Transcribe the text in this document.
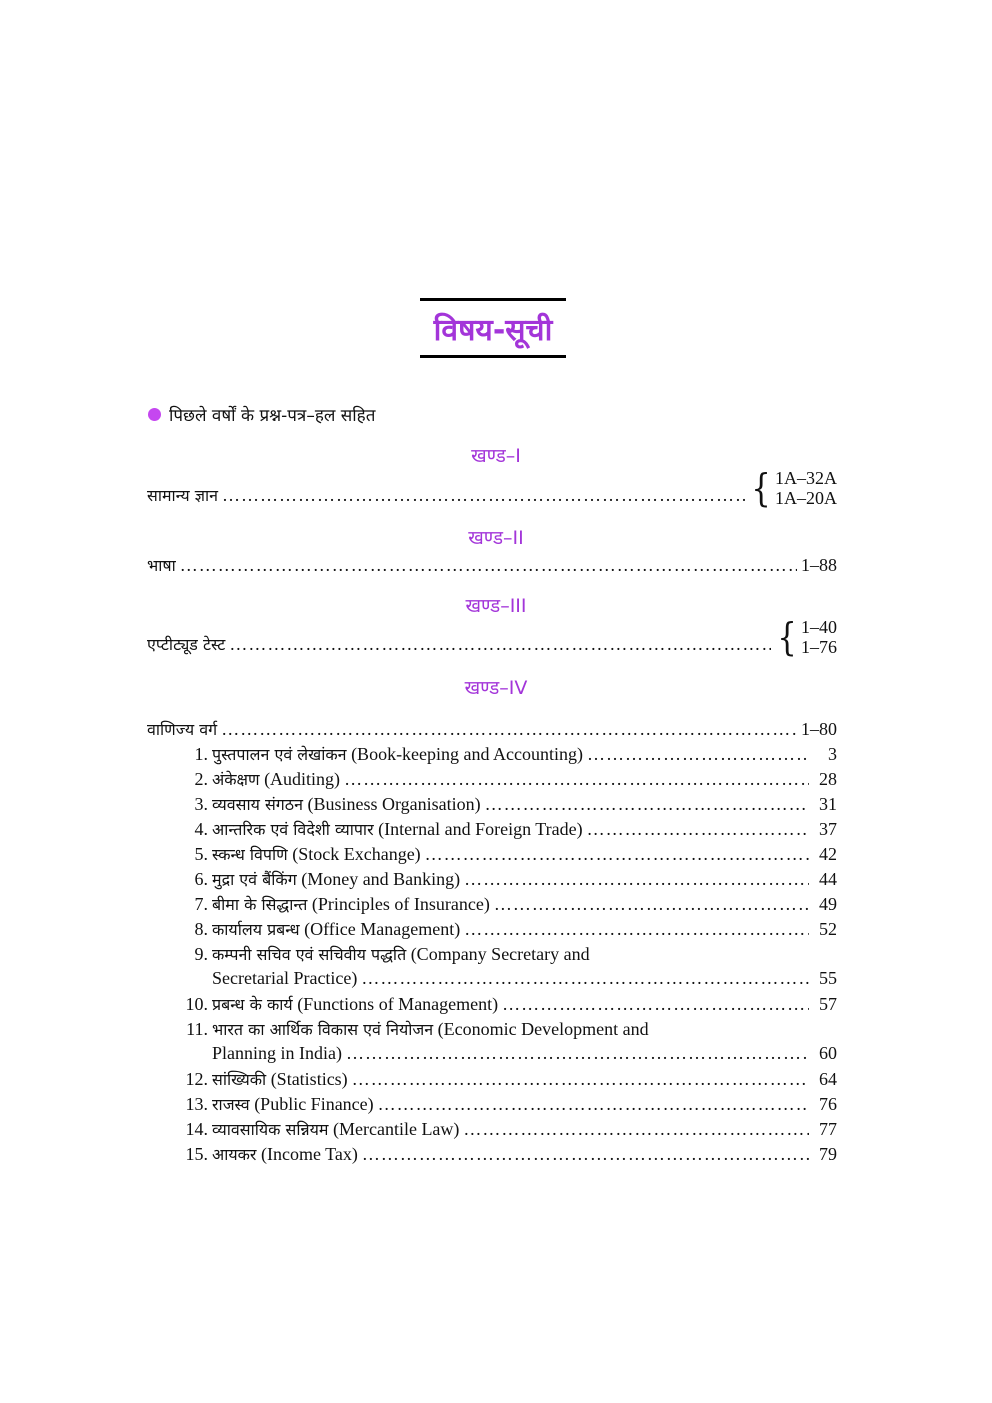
विषय-सूची
पिछले वर्षों के प्रश्न-पत्र–हल सहित
खण्ड–I
सामान्य ज्ञान …………………………………………………………………………………………………………………………………………………………………………………	{ 1A–32A
1A–20A
खण्ड–II
भाषा …………………………………………………………………………………………………………………………………………………………………………………	1–88
खण्ड–III
एप्टीट्यूड टेस्ट …………………………………………………………………………………………………………………………………………………………………………………	{ 1–40
1–76
खण्ड–IV
वाणिज्य वर्ग …………………………………………………………………………………………………………………………………………………………………………………	1–80
1. पुस्तपालन एवं लेखांकन (Book-keeping and Accounting) …………………………………………………………………………………………………………………………………………………………………………………	3
2. अंकेक्षण (Auditing) …………………………………………………………………………………………………………………………………………………………………………………	28
3. व्यवसाय संगठन (Business Organisation) …………………………………………………………………………………………………………………………………………………………………………………	31
4. आन्तरिक एवं विदेशी व्यापार (Internal and Foreign Trade) …………………………………………………………………………………………………………………………………………………………………………………	37
5. स्कन्ध विपणि (Stock Exchange) …………………………………………………………………………………………………………………………………………………………………………………	42
6. मुद्रा एवं बैंकिंग (Money and Banking) …………………………………………………………………………………………………………………………………………………………………………………	44
7. बीमा के सिद्धान्त (Principles of Insurance) …………………………………………………………………………………………………………………………………………………………………………………	49
8. कार्यालय प्रबन्ध (Office Management) …………………………………………………………………………………………………………………………………………………………………………………	52
9. कम्पनी सचिव एवं सचिवीय पद्धति (Company Secretary and
Secretarial Practice) …………………………………………………………………………………………………………………………………………………………………………………	55
10. प्रबन्ध के कार्य (Functions of Management) …………………………………………………………………………………………………………………………………………………………………………………	57
11. भारत का आर्थिक विकास एवं नियोजन (Economic Development and
Planning in India) …………………………………………………………………………………………………………………………………………………………………………………	60
12. सांख्यिकी (Statistics) …………………………………………………………………………………………………………………………………………………………………………………	64
13. राजस्व (Public Finance) …………………………………………………………………………………………………………………………………………………………………………………	76
14. व्यावसायिक सन्नियम (Mercantile Law) …………………………………………………………………………………………………………………………………………………………………………………	77
15. आयकर (Income Tax) …………………………………………………………………………………………………………………………………………………………………………………	79
